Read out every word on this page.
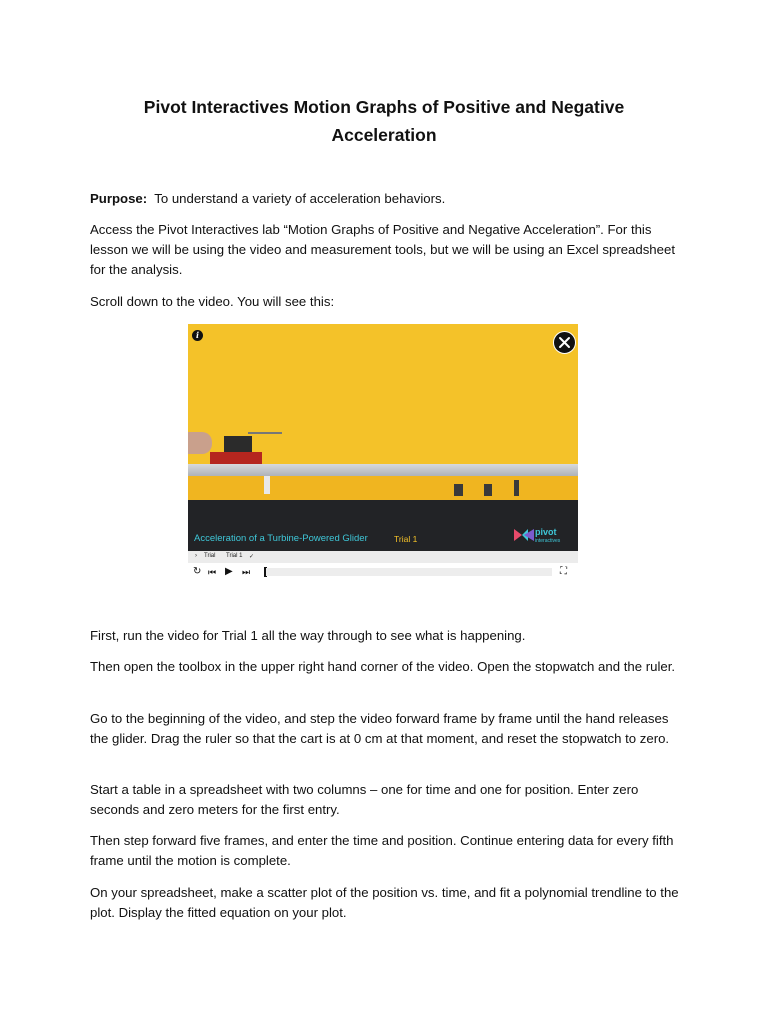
Pivot Interactives Motion Graphs of Positive and Negative
Acceleration

Purpose: To understand a variety of acceleration behaviors.

Access the Pivot Interactives lab “Motion Graphs of Positive and Negative Acceleration”. For this lesson we will be using the video and measurement tools, but we will be using an Excel spreadsheet for the analysis.

Scroll down to the video. You will see this:

i
Acceleration of a Turbine-Powered Glider	Trial 1
pivot
interactives
› Trial Trial 1 ✓
↻ ⏮ ▶ ⏭	⛶

First, run the video for Trial 1 all the way through to see what is happening.

Then open the toolbox in the upper right hand corner of the video. Open the stopwatch and the ruler.

Go to the beginning of the video, and step the video forward frame by frame until the hand releases the glider. Drag the ruler so that the cart is at 0 cm at that moment, and reset the stopwatch to zero.

Start a table in a spreadsheet with two columns – one for time and one for position. Enter zero seconds and zero meters for the first entry.

Then step forward five frames, and enter the time and position. Continue entering data for every fifth frame until the motion is complete.

On your spreadsheet, make a scatter plot of the position vs. time, and fit a polynomial trendline to the plot. Display the fitted equation on your plot.
